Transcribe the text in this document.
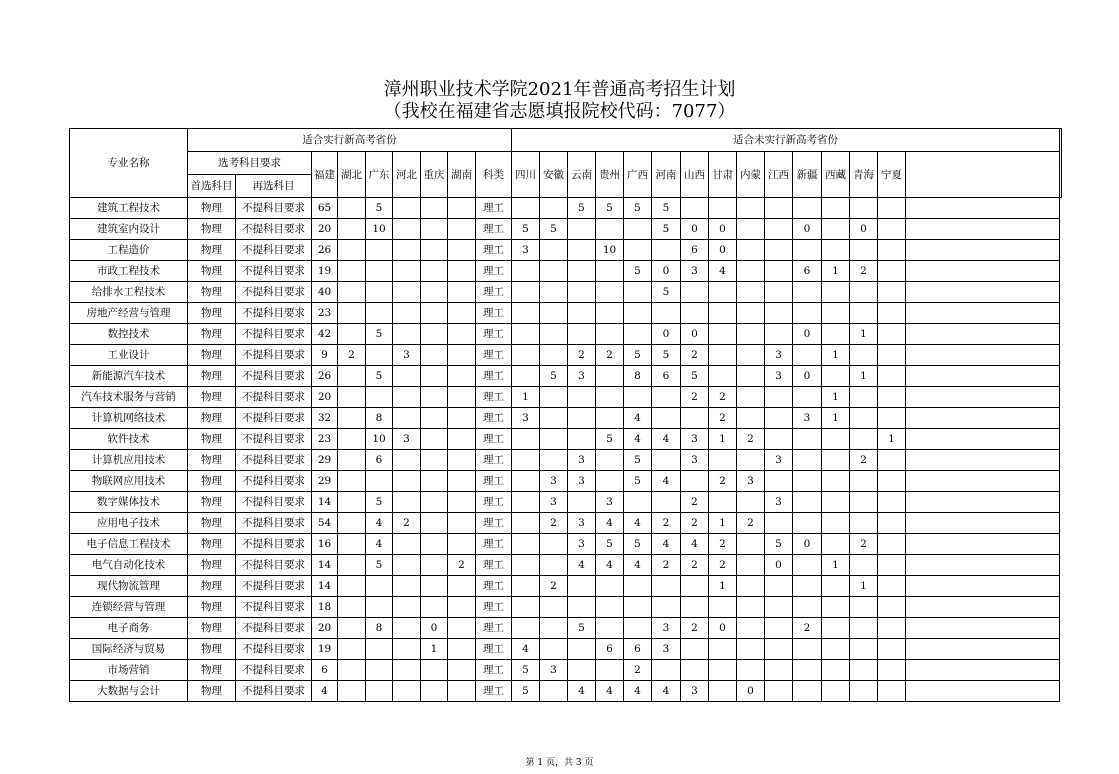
漳州职业技术学院2021年普通高考招生计划
（我校在福建省志愿填报院校代码：7077）
专业名称	适合实行新高考省份									适合未实行新高考省份	
	选考科目要求		福建	湖北	广东	河北	重庆	湖南	科类	四川	安徽	云南	贵州	广西	河南	山西	甘肃	内蒙	江西	新疆	西藏	青海	宁夏		
	首选科目	再选科目																							
建筑工程技术	物理	不提科目要求	65		5				理工			5	5	5	5										
建筑室内设计	物理	不提科目要求	20		10				理工	5	5				5	0	0			0		0			
工程造价	物理	不提科目要求	26						理工	3			10			6	0								
市政工程技术	物理	不提科目要求	19						理工					5	0	3	4			6	1	2			
给排水工程技术	物理	不提科目要求	40						理工						5										
房地产经营与管理	物理	不提科目要求	23						理工																
数控技术	物理	不提科目要求	42		5				理工						0	0				0		1			
工业设计	物理	不提科目要求	9	2		3			理工			2	2	5	5	2			3		1				
新能源汽车技术	物理	不提科目要求	26		5				理工		5	3		8	6	5			3	0		1			
汽车技术服务与营销	物理	不提科目要求	20						理工	1						2	2				1				
计算机网络技术	物理	不提科目要求	32		8				理工	3				4			2			3	1				
软件技术	物理	不提科目要求	23		10	3			理工				5	4	4	3	1	2					1		
计算机应用技术	物理	不提科目要求	29		6				理工			3		5		3			3			2			
物联网应用技术	物理	不提科目要求	29						理工		3	3		5	4		2	3							
数字媒体技术	物理	不提科目要求	14		5				理工		3		3			2			3						
应用电子技术	物理	不提科目要求	54		4	2			理工		2	3	4	4	2	2	1	2							
电子信息工程技术	物理	不提科目要求	16		4				理工			3	5	5	4	4	2		5	0		2			
电气自动化技术	物理	不提科目要求	14		5			2	理工			4	4	4	2	2	2		0		1				
现代物流管理	物理	不提科目要求	14						理工		2						1					1			
连锁经营与管理	物理	不提科目要求	18						理工																
电子商务	物理	不提科目要求	20		8		0		理工			5			3	2	0			2					
国际经济与贸易	物理	不提科目要求	19				1		理工	4			6	6	3										
市场营销	物理	不提科目要求	6						理工	5	3			2											
大数据与会计	物理	不提科目要求	4						理工	5		4	4	4	4	3		0							
第 1 页，共 3 页
